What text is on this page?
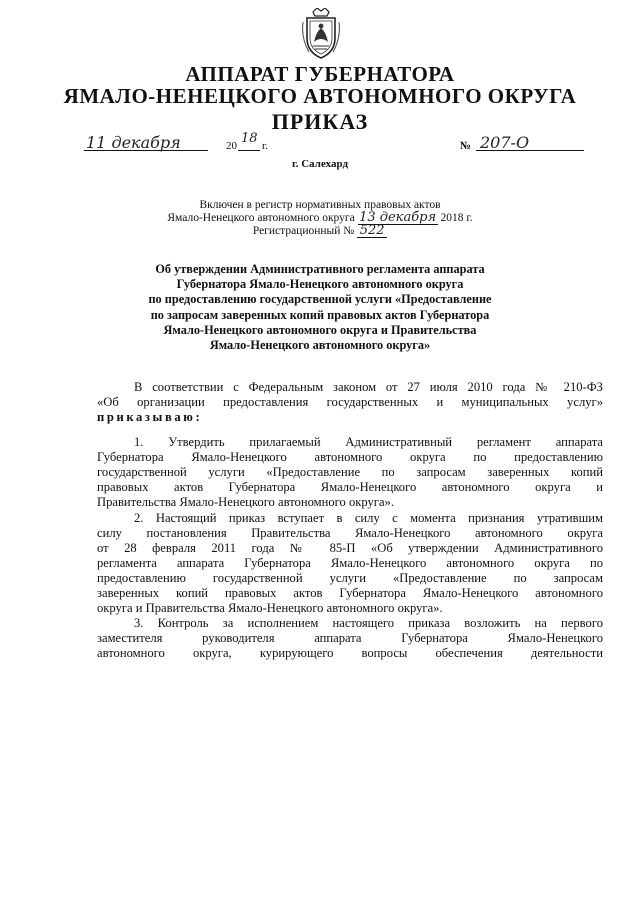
АППАРАТ ГУБЕРНАТОРА
ЯМАЛО-НЕНЕЦКОГО АВТОНОМНОГО ОКРУГА
ПРИКАЗ
11 декабря	20 18 г.	№ 207-О
г. Салехард
Включен в регистр нормативных правовых актов
Ямало-Ненецкого автономного округа 13 декабря 2018 г.
Регистрационный № 522
Об утверждении Административного регламента аппарата
Губернатора Ямало-Ненецкого автономного округа
по предоставлению государственной услуги «Предоставление
по запросам заверенных копий правовых актов Губернатора
Ямало-Ненецкого автономного округа и Правительства
Ямало-Ненецкого автономного округа»
В соответствии с Федеральным законом от 27 июля 2010 года № 210-ФЗ
«Об организации предоставления государственных и муниципальных услуг»
приказываю:
1. Утвердить прилагаемый Административный регламент аппарата
Губернатора Ямало-Ненецкого автономного округа по предоставлению
государственной услуги «Предоставление по запросам заверенных копий
правовых актов Губернатора Ямало-Ненецкого автономного округа и
Правительства Ямало-Ненецкого автономного округа».
2. Настоящий приказ вступает в силу с момента признания утратившим
силу постановления Правительства Ямало-Ненецкого автономного округа
от 28 февраля 2011 года № 85-П «Об утверждении Административного
регламента аппарата Губернатора Ямало-Ненецкого автономного округа по
предоставлению государственной услуги «Предоставление по запросам
заверенных копий правовых актов Губернатора Ямало-Ненецкого автономного
округа и Правительства Ямало-Ненецкого автономного округа».
3. Контроль за исполнением настоящего приказа возложить на первого
заместителя руководителя аппарата Губернатора Ямало-Ненецкого
автономного округа, курирующего вопросы обеспечения деятельности
